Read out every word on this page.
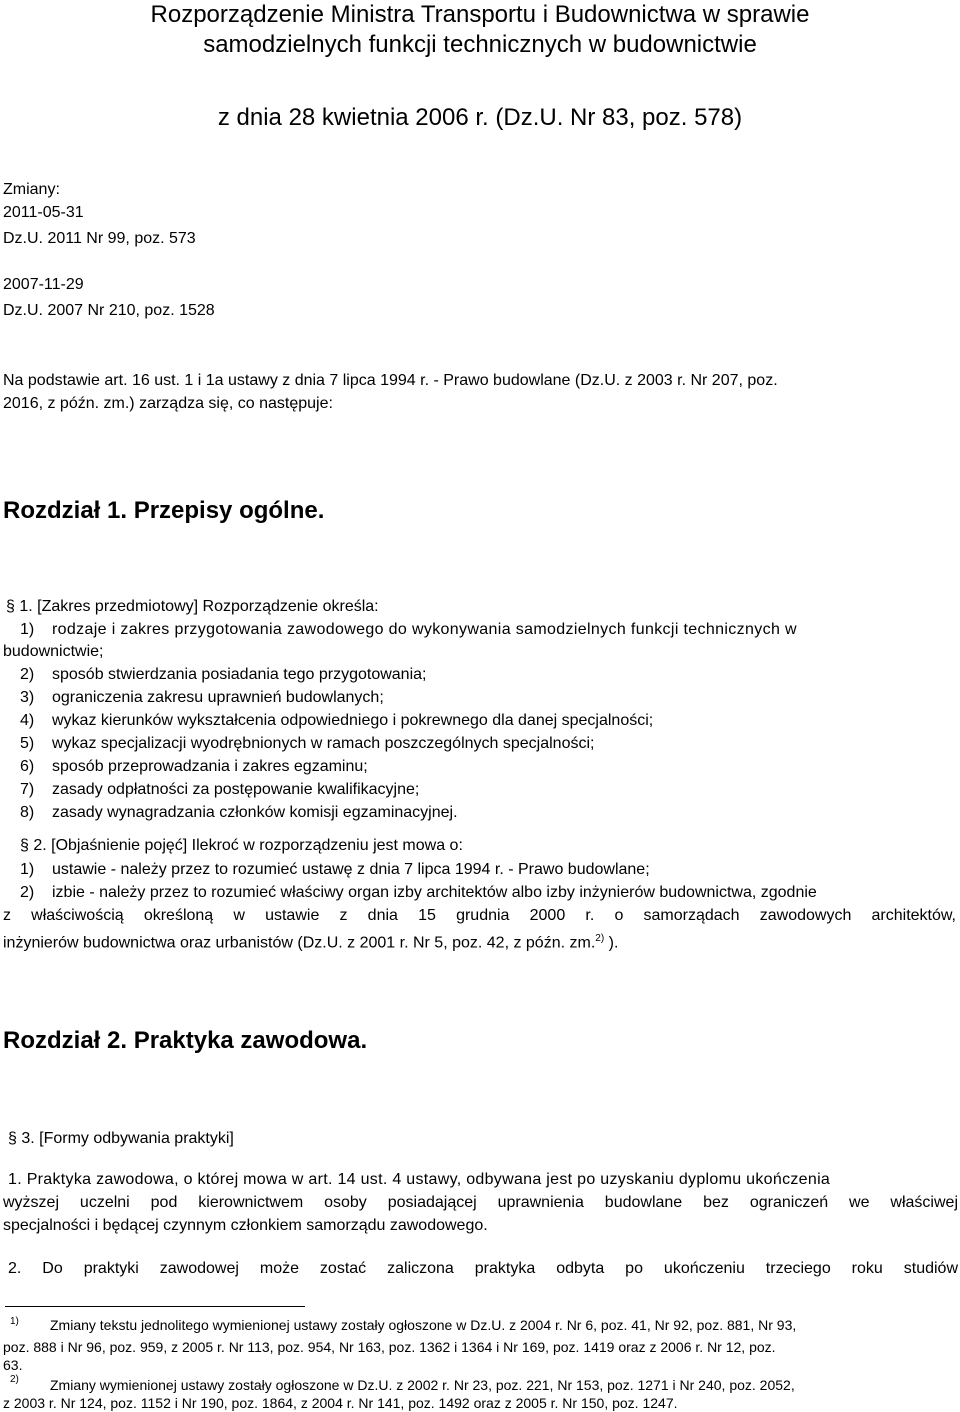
Rozporządzenie Ministra Transportu i Budownictwa w sprawie
samodzielnych funkcji technicznych w budownictwie
z dnia 28 kwietnia 2006 r. (Dz.U. Nr 83, poz. 578)
Zmiany:
2011-05-31
Dz.U. 2011 Nr 99, poz. 573
2007-11-29
Dz.U. 2007 Nr 210, poz. 1528
Na podstawie art. 16 ust. 1 i 1a ustawy z dnia 7 lipca 1994 r. - Prawo budowlane (Dz.U. z 2003 r. Nr 207, poz.
2016, z późn. zm.) zarządza się, co następuje:
Rozdział 1. Przepisy ogólne.
§ 1. [Zakres przedmiotowy] Rozporządzenie określa:
1) rodzaje i zakres przygotowania zawodowego do wykonywania samodzielnych funkcji technicznych w
budownictwie;
2) sposób stwierdzania posiadania tego przygotowania;
3) ograniczenia zakresu uprawnień budowlanych;
4) wykaz kierunków wykształcenia odpowiedniego i pokrewnego dla danej specjalności;
5) wykaz specjalizacji wyodrębnionych w ramach poszczególnych specjalności;
6) sposób przeprowadzania i zakres egzaminu;
7) zasady odpłatności za postępowanie kwalifikacyjne;
8) zasady wynagradzania członków komisji egzaminacyjnej.
§ 2. [Objaśnienie pojęć] Ilekroć w rozporządzeniu jest mowa o:
1) ustawie - należy przez to rozumieć ustawę z dnia 7 lipca 1994 r. - Prawo budowlane;
2) izbie - należy przez to rozumieć właściwy organ izby architektów albo izby inżynierów budownictwa, zgodnie
z właściwością określoną w ustawie z dnia 15 grudnia 2000 r. o samorządach zawodowych architektów,
inżynierów budownictwa oraz urbanistów (Dz.U. z 2001 r. Nr 5, poz. 42, z późn. zm.$^{2)}$ ).
Rozdział 2. Praktyka zawodowa.
§ 3. [Formy odbywania praktyki]
1. Praktyka zawodowa, o której mowa w art. 14 ust. 4 ustawy, odbywana jest po uzyskaniu dyplomu ukończenia
wyższej uczelni pod kierownictwem osoby posiadającej uprawnienia budowlane bez ograniczeń we właściwej
specjalności i będącej czynnym członkiem samorządu zawodowego.
2. Do praktyki zawodowej może zostać zaliczona praktyka odbyta po ukończeniu trzeciego roku studiów
$^{1)}$ Zmiany tekstu jednolitego wymienionej ustawy zostały ogłoszone w Dz.U. z 2004 r. Nr 6, poz. 41, Nr 92, poz. 881, Nr 93,
poz. 888 i Nr 96, poz. 959, z 2005 r. Nr 113, poz. 954, Nr 163, poz. 1362 i 1364 i Nr 169, poz. 1419 oraz z 2006 r. Nr 12, poz.
63.
$^{2)}$ Zmiany wymienionej ustawy zostały ogłoszone w Dz.U. z 2002 r. Nr 23, poz. 221, Nr 153, poz. 1271 i Nr 240, poz. 2052,
z 2003 r. Nr 124, poz. 1152 i Nr 190, poz. 1864, z 2004 r. Nr 141, poz. 1492 oraz z 2005 r. Nr 150, poz. 1247.
